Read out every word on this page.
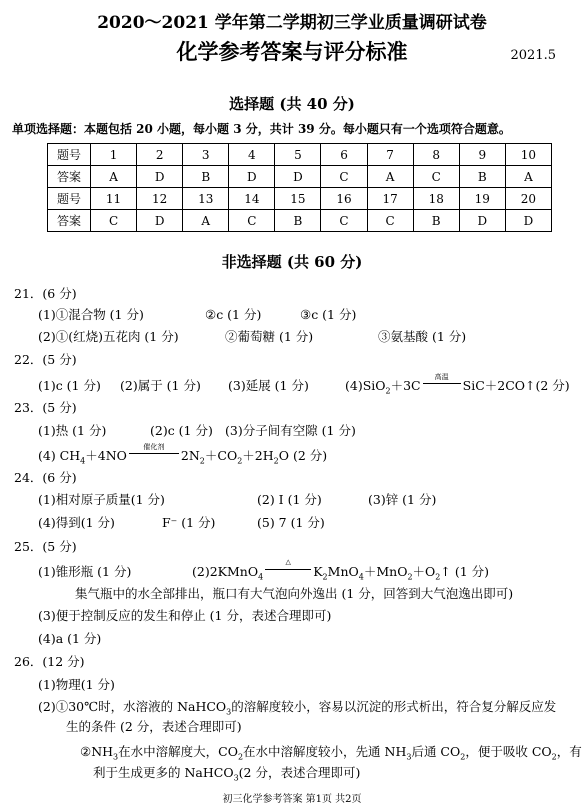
2020～2021 学年第二学期初三学业质量调研试卷
化学参考答案与评分标准	2021.5
选择题 (共 40 分)
单项选择题：本题包括 20 小题，每小题 3 分，共计 39 分。每小题只有一个选项符合题意。
题号	1	2	3	4	5	6	7	8	9	10
答案	A	D	B	D	D	C	A	C	B	A
题号	11	12	13	14	15	16	17	18	19	20
答案	C	D	A	C	B	C	C	B	D	D
非选择题 (共 60 分)
21．(6 分)
(1)①混合物 (1 分)	②c (1 分)	③c (1 分)
(2)①(红烧)五花肉 (1 分)	②葡萄糖 (1 分)	③氨基酸 (1 分)
22．(5 分)
(1)c (1 分) (2)属于 (1 分) (3)延展 (1 分)	(4)SiO$_2$＋3C
高温
SiC＋2CO↑(2 分)
23．(5 分)
(1)热 (1 分)	(2)c (1 分) (3)分子间有空隙 (1 分)
(4) $CH_4+4NO$
催化剂
$2N_2+CO_2+2H_2O$ (2 分)
24．(6 分)
(1)相对原子质量(1 分)	(2) I (1 分)	(3)锌 (1 分)
(4)得到(1 分)	F⁻ (1 分)	(5) 7 (1 分)
25．(5 分)
(1)锥形瓶 (1 分)	(2)2KMnO$_4$
△
$K_2MnO_4+MnO_2+O_2↑$ (1 分)
集气瓶中的水全部排出，瓶口有大气泡向外逸出 (1 分，回答到大气泡逸出即可)
(3)便于控制反应的发生和停止 (1 分，表述合理即可)
(4)a (1 分)
26．(12 分)
(1)物理(1 分)
(2)①30℃时，水溶液的 NaHCO$_3$的溶解度较小，容易以沉淀的形式析出，符合复分解反应发
生的条件 (2 分，表述合理即可)
$②NH_3$在水中溶解度大，$CO_2$在水中溶解度较小，先通 $NH_3$后通 $CO_2$，便于吸收 $CO_2$，有
利于生成更多的 NaHCO$_3$(2 分，表述合理即可)
初三化学参考答案 第1页 共2页
